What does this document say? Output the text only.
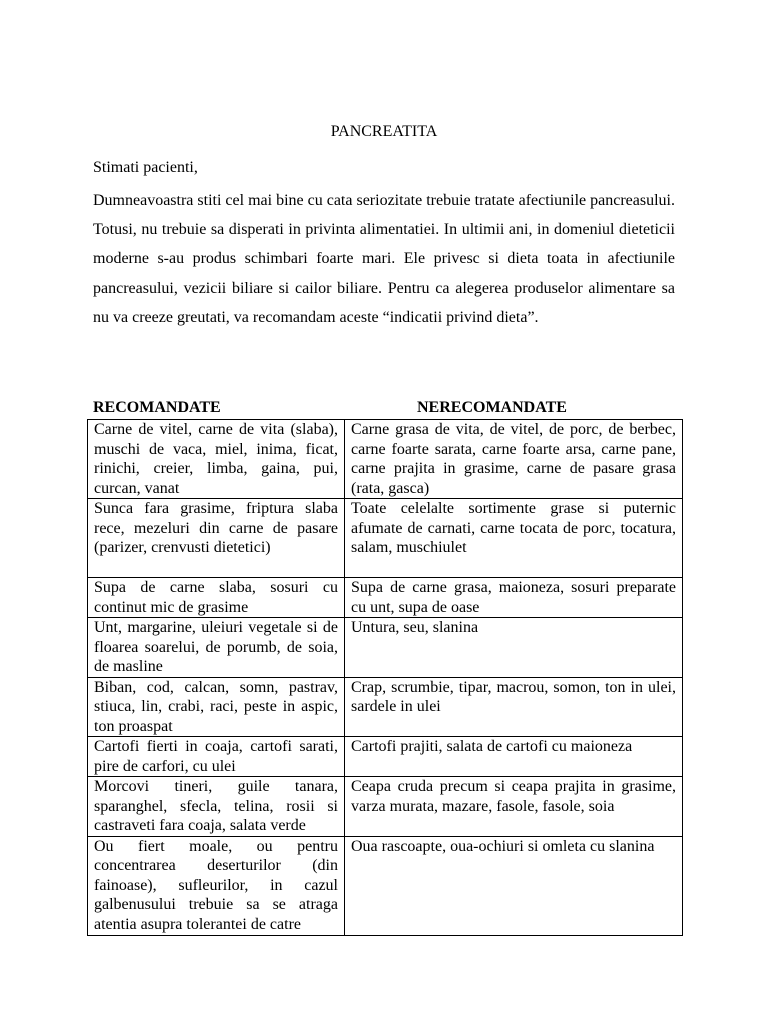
PANCREATITA
Stimati pacienti,
Dumneavoastra stiti cel mai bine cu cata seriozitate trebuie tratate afectiunile pancreasului. Totusi, nu trebuie sa disperati in privinta alimentatiei. In ultimii ani, in domeniul dieteticii moderne s-au produs schimbari foarte mari. Ele privesc si dieta toata in afectiunile pancreasului, vezicii biliare si cailor biliare. Pentru ca alegerea produselor alimentare sa nu va creeze greutati, va recomandam aceste “indicatii privind dieta”.
RECOMANDATE	NERECOMANDATE
Carne de vitel, carne de vita (slaba), muschi de vaca, miel, inima, ficat, rinichi, creier, limba, gaina, pui, curcan, vanat	Carne grasa de vita, de vitel, de porc, de berbec, carne foarte sarata, carne foarte arsa, carne pane, carne prajita in grasime, carne de pasare grasa (rata, gasca)
Sunca fara grasime, friptura slaba rece, mezeluri din carne de pasare (parizer, crenvusti dietetici)	Toate celelalte sortimente grase si puternic afumate de carnati, carne tocata de porc, tocatura, salam, muschiulet
Supa de carne slaba, sosuri cu continut mic de grasime	Supa de carne grasa, maioneza, sosuri preparate cu unt, supa de oase
Unt, margarine, uleiuri vegetale si de floarea soarelui, de porumb, de soia, de masline	Untura, seu, slanina
Biban, cod, calcan, somn, pastrav, stiuca, lin, crabi, raci, peste in aspic, ton proaspat	Crap, scrumbie, tipar, macrou, somon, ton in ulei, sardele in ulei
Cartofi fierti in coaja, cartofi sarati, pire de carfori, cu ulei	Cartofi prajiti, salata de cartofi cu maioneza
Morcovi tineri, guile tanara, sparanghel, sfecla, telina, rosii si castraveti fara coaja, salata verde	Ceapa cruda precum si ceapa prajita in grasime, varza murata, mazare, fasole, fasole, soia

Ou fiert moale, ou pentru concentrarea deserturilor (din fainoase), sufleurilor, in cazul galbenusului trebuie sa se atraga atentia asupra tolerantei de catre	Oua rascoapte, oua-ochiuri si omleta cu slanina
